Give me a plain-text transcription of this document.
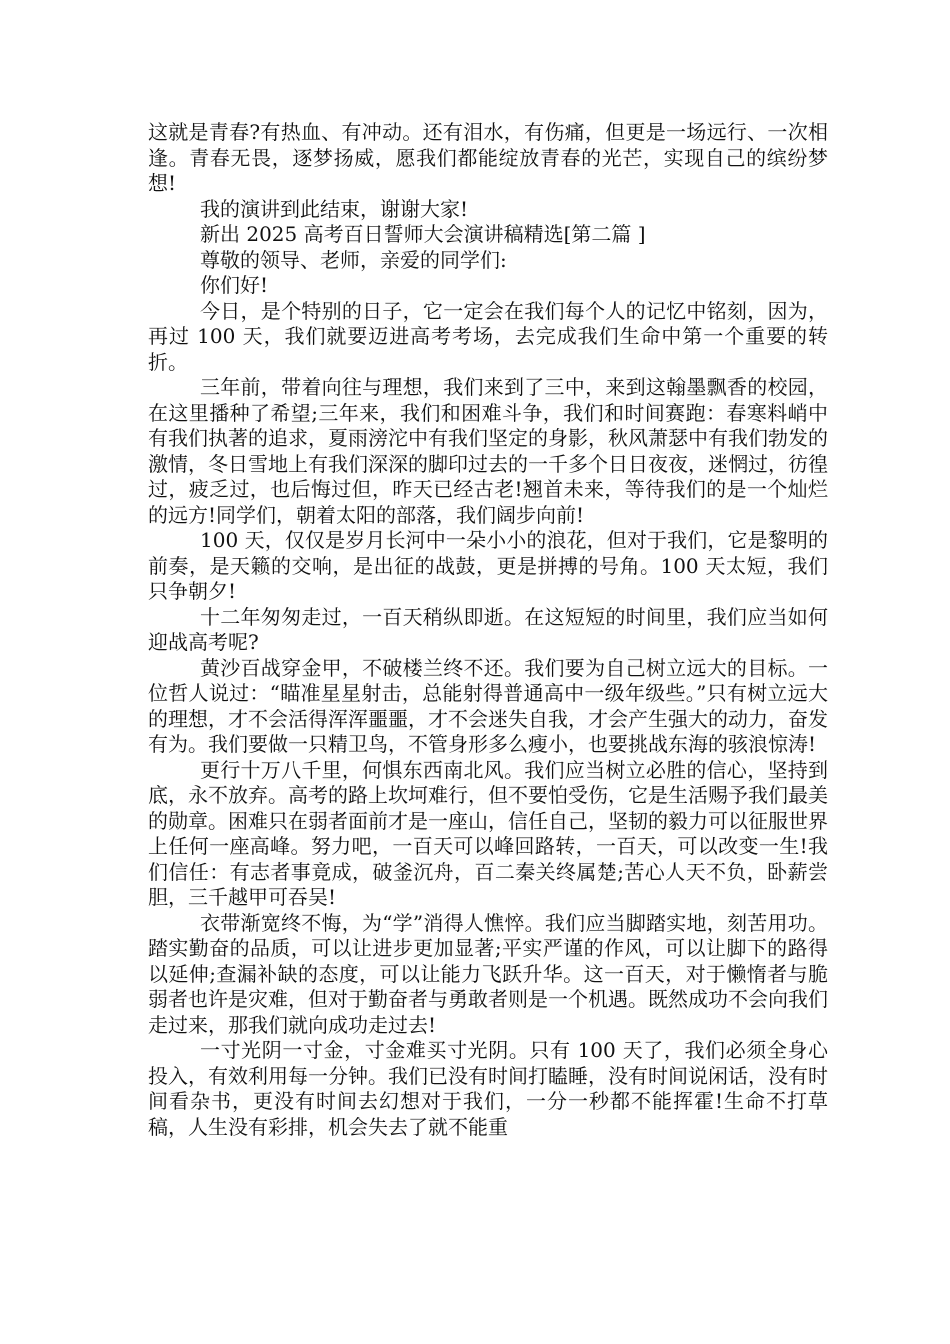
这就是青春?有热血、有冲动。还有泪水，有伤痛，但更是一场远行、一次相逢。青春无畏，逐梦扬威，愿我们都能绽放青春的光芒，实现自己的缤纷梦想!

我的演讲到此结束，谢谢大家!

新出 2025 高考百日誓师大会演讲稿精选[第二篇 ]

尊敬的领导、老师，亲爱的同学们:

你们好!

今日，是个特别的日子，它一定会在我们每个人的记忆中铭刻，因为，再过 100 天，我们就要迈进高考考场，去完成我们生命中第一个重要的转折。

三年前，带着向往与理想，我们来到了三中，来到这翰墨飘香的校园，在这里播种了希望;三年来，我们和困难斗争，我们和时间赛跑：春寒料峭中有我们执著的追求，夏雨滂沱中有我们坚定的身影，秋风萧瑟中有我们勃发的激情，冬日雪地上有我们深深的脚印过去的一千多个日日夜夜，迷惘过，彷徨过，疲乏过，也后悔过但，昨天已经古老!翘首未来，等待我们的是一个灿烂的远方!同学们，朝着太阳的部落，我们阔步向前!

100 天，仅仅是岁月长河中一朵小小的浪花，但对于我们，它是黎明的前奏，是天籁的交响，是出征的战鼓，更是拼搏的号角。100 天太短，我们只争朝夕!

十二年匆匆走过，一百天稍纵即逝。在这短短的时间里，我们应当如何迎战高考呢?

黄沙百战穿金甲，不破楼兰终不还。我们要为自己树立远大的目标。一位哲人说过：“瞄准星星射击，总能射得普通高中一级年级些。”只有树立远大的理想，才不会活得浑浑噩噩，才不会迷失自我，才会产生强大的动力，奋发有为。我们要做一只精卫鸟，不管身形多么瘦小，也要挑战东海的骇浪惊涛!

更行十万八千里，何惧东西南北风。我们应当树立必胜的信心，坚持到底，永不放弃。高考的路上坎坷难行，但不要怕受伤，它是生活赐予我们最美的勋章。困难只在弱者面前才是一座山，信任自己，坚韧的毅力可以征服世界上任何一座高峰。努力吧，一百天可以峰回路转，一百天，可以改变一生!我们信任：有志者事竟成，破釜沉舟，百二秦关终属楚;苦心人天不负，卧薪尝胆，三千越甲可吞吴!

衣带渐宽终不悔，为“学”消得人憔悴。我们应当脚踏实地，刻苦用功。踏实勤奋的品质，可以让进步更加显著;平实严谨的作风，可以让脚下的路得以延伸;查漏补缺的态度，可以让能力飞跃升华。这一百天，对于懒惰者与脆弱者也许是灾难，但对于勤奋者与勇敢者则是一个机遇。既然成功不会向我们走过来，那我们就向成功走过去!

一寸光阴一寸金，寸金难买寸光阴。只有 100 天了，我们必须全身心投入，有效利用每一分钟。我们已没有时间打瞌睡，没有时间说闲话，没有时间看杂书，更没有时间去幻想对于我们，一分一秒都不能挥霍!生命不打草稿，人生没有彩排，机会失去了就不能重
